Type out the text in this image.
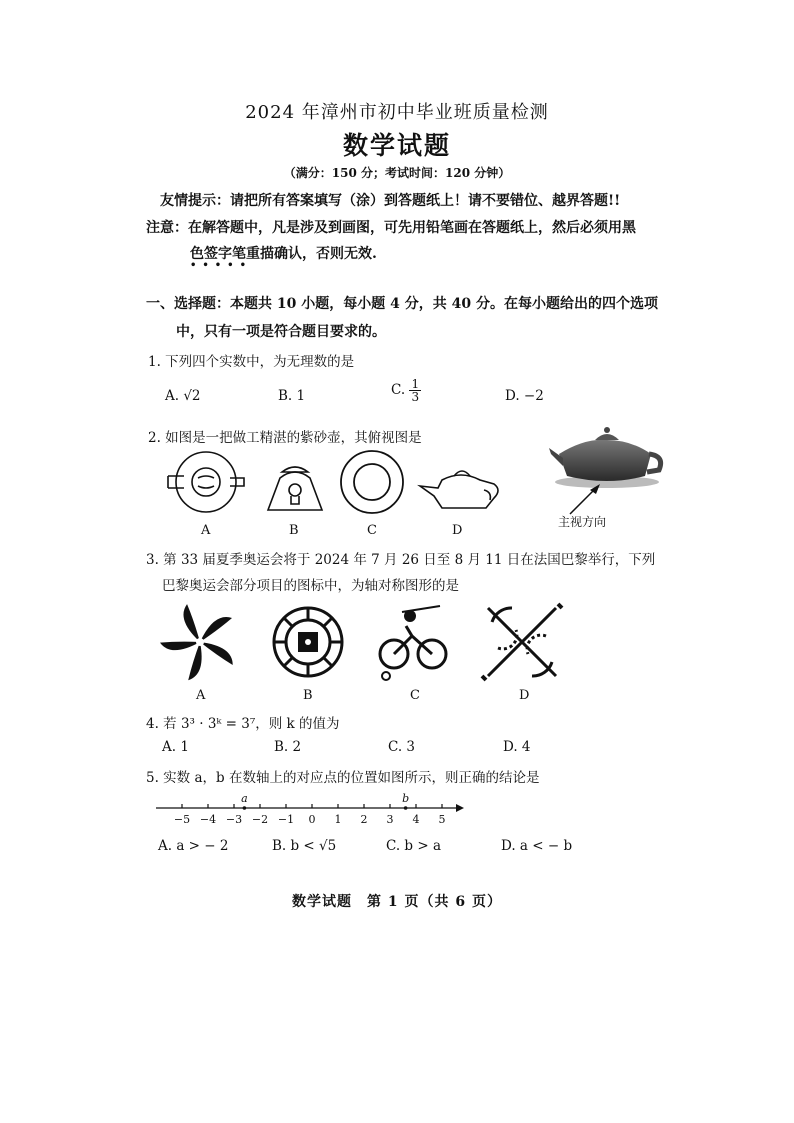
2024 年漳州市初中毕业班质量检测
数学试题
（满分：150 分；考试时间：120 分钟）
友情提示：请把所有答案填写（涂）到答题纸上！请不要错位、越界答题!!
注意：在解答题中，凡是涉及到画图，可先用铅笔画在答题纸上，然后必须用黑
色签字笔重描确认，否则无效.
•••••
一、选择题：本题共 10 小题，每小题 4 分，共 40 分。在每小题给出的四个选项
中，只有一项是符合题目要求的。
1. 下列四个实数中，为无理数的是
A. √2	B. 1	C. $\frac{1}{3}$	D. −2
2. 如图是一把做工精湛的紫砂壶，其俯视图是
A	B	C	D
主视方向
3. 第 33 届夏季奥运会将于 2024 年 7 月 26 日至 8 月 11 日在法国巴黎举行，下列
巴黎奥运会部分项目的图标中，为轴对称图形的是
A	B	C	D
4. 若 3³ · 3ᵏ = 3⁷，则 k 的值为
A. 1	B. 2	C. 3	D. 4
5. 实数 a，b 在数轴上的对应点的位置如图所示，则正确的结论是
−5 −4 −3 −2 −1 0 1 2 3 4 5
a	b
A. a > − 2	B. b < √5	C. b > a	D. a < − b
数学试题　第 1 页（共 6 页）
